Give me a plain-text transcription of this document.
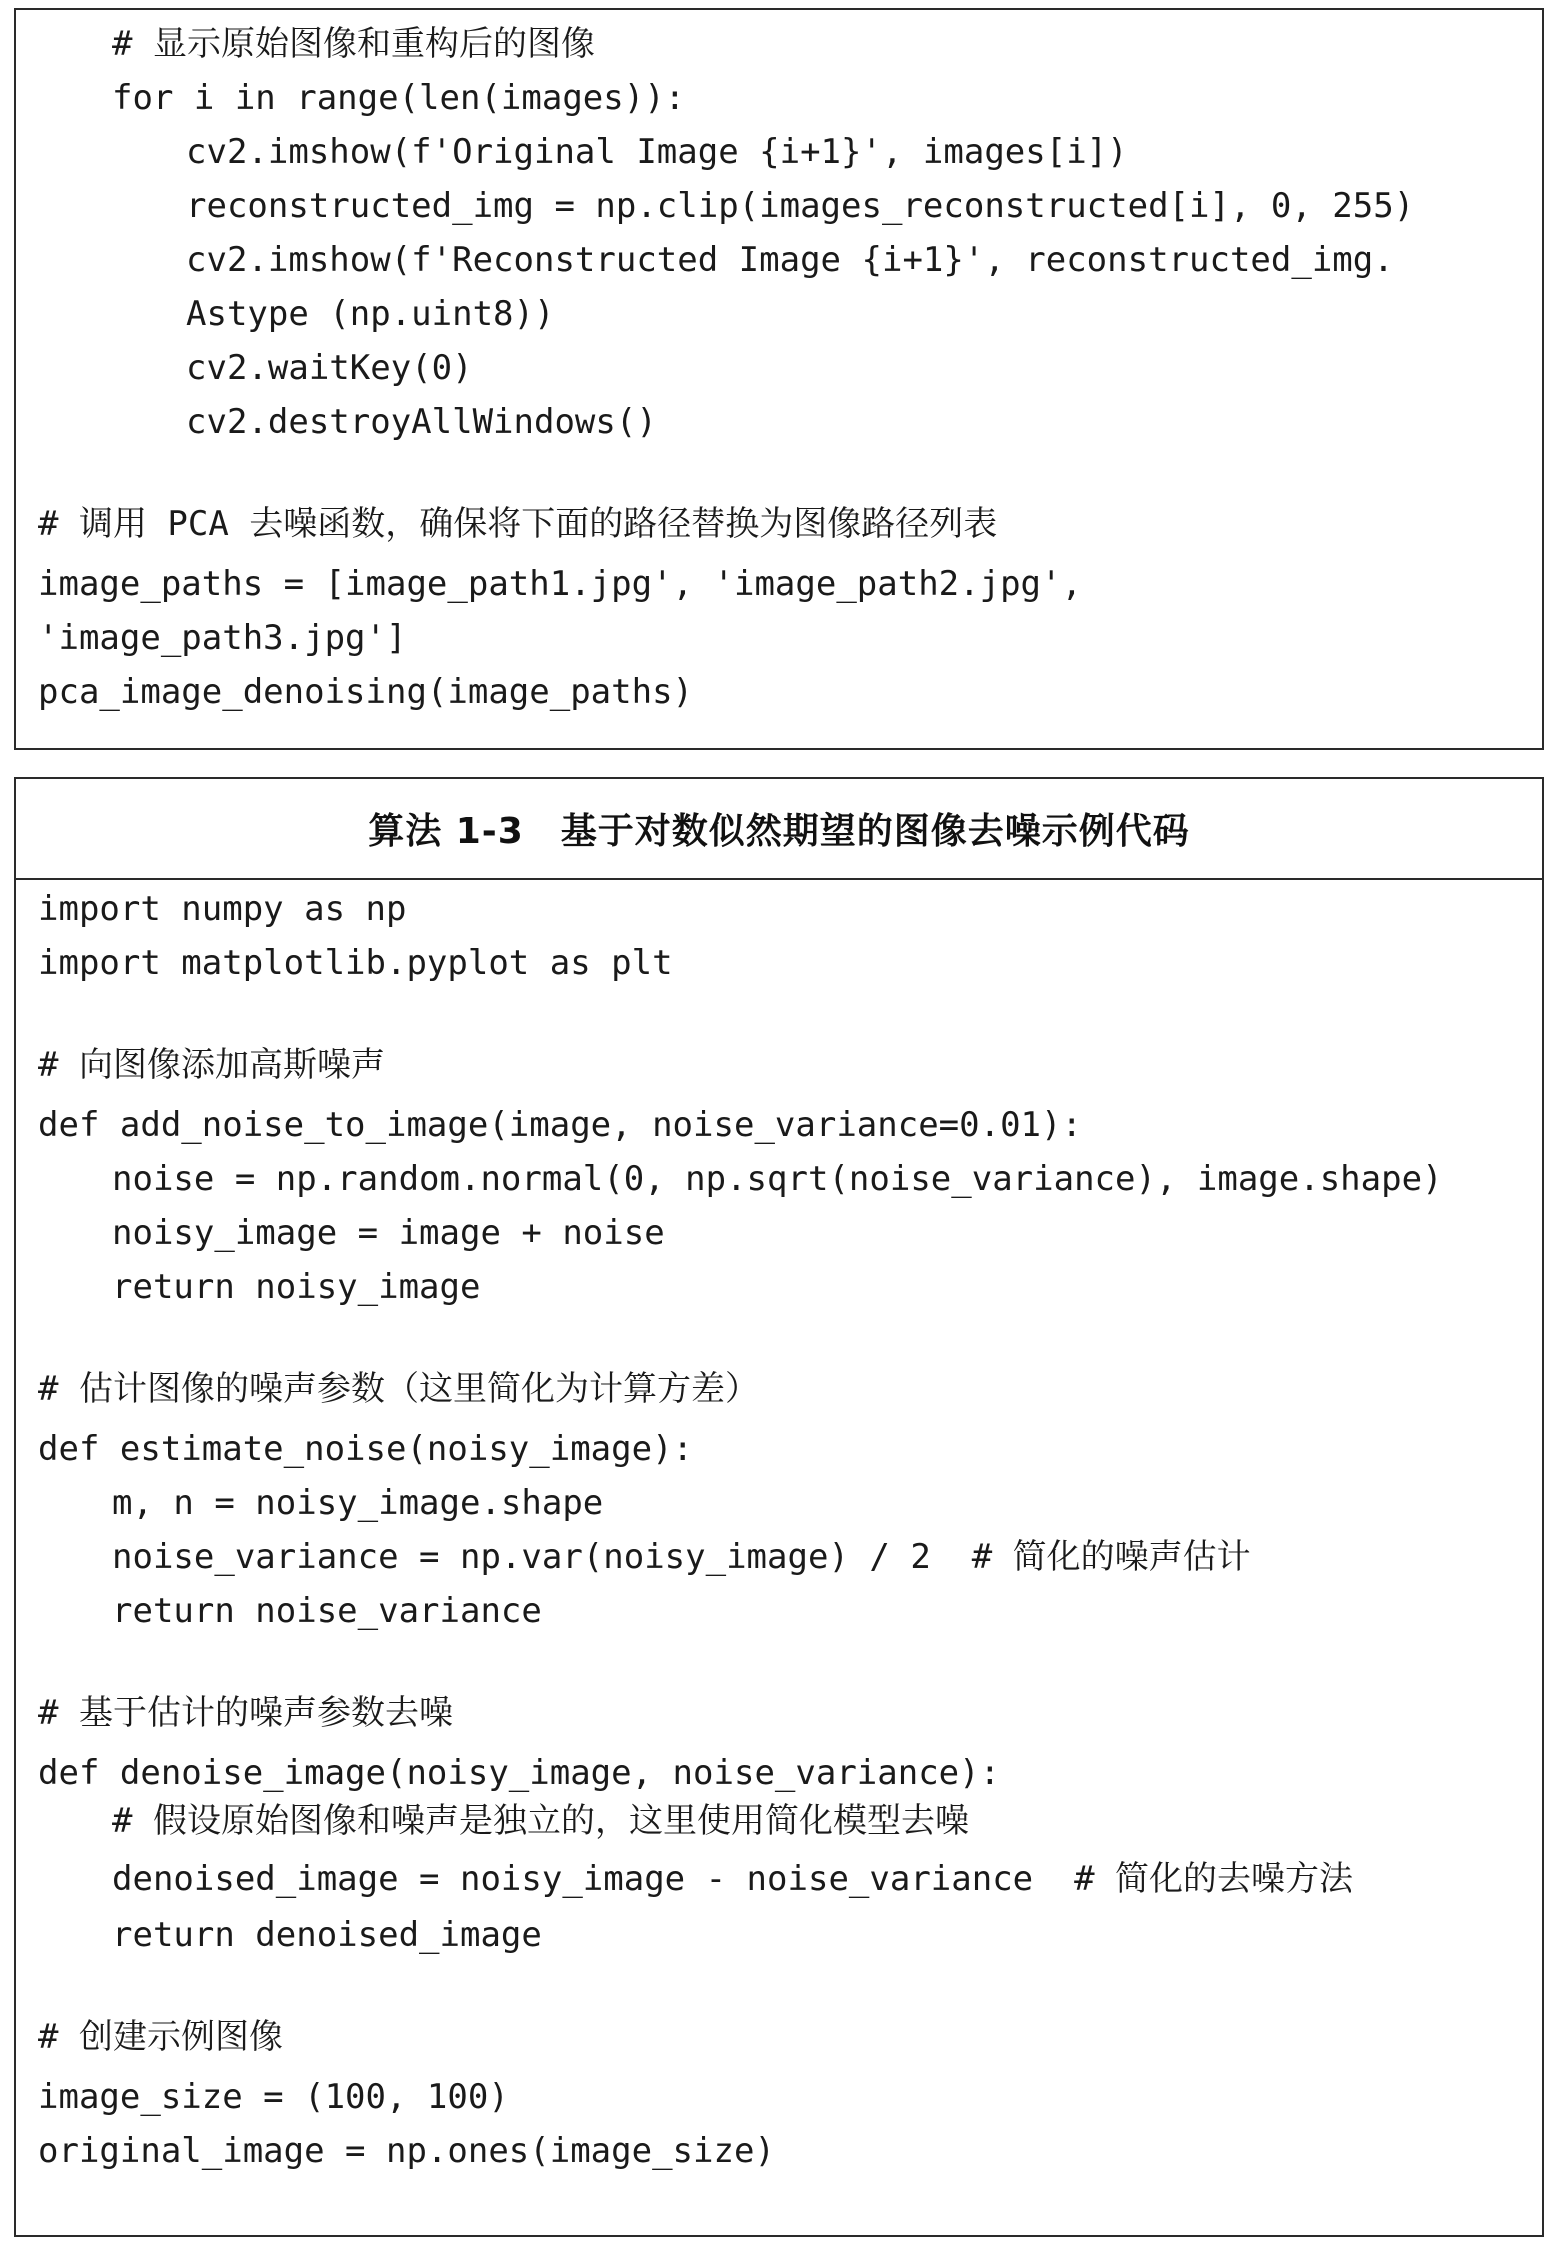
# 显示原始图像和重构后的图像
for i in range(len(images)):
cv2.imshow(f'Original Image {i+1}', images[i])
reconstructed_img = np.clip(images_reconstructed[i], 0, 255)
cv2.imshow(f'Reconstructed Image {i+1}', reconstructed_img.
Astype (np.uint8))
cv2.waitKey(0)
cv2.destroyAllWindows()
# 调用 PCA 去噪函数，确保将下面的路径替换为图像路径列表
image_paths = [image_path1.jpg', 'image_path2.jpg',
'image_path3.jpg']
pca_image_denoising(image_paths)
算法 1-3　基于对数似然期望的图像去噪示例代码
import numpy as np
import matplotlib.pyplot as plt
# 向图像添加高斯噪声
def add_noise_to_image(image, noise_variance=0.01):
noise = np.random.normal(0, np.sqrt(noise_variance), image.shape)
noisy_image = image + noise
return noisy_image
# 估计图像的噪声参数（这里简化为计算方差）
def estimate_noise(noisy_image):
m, n = noisy_image.shape
noise_variance = np.var(noisy_image) / 2  # 简化的噪声估计
return noise_variance
# 基于估计的噪声参数去噪
def denoise_image(noisy_image, noise_variance):
# 假设原始图像和噪声是独立的，这里使用简化模型去噪
denoised_image = noisy_image - noise_variance  # 简化的去噪方法
return denoised_image
# 创建示例图像
image_size = (100, 100)
original_image = np.ones(image_size)
